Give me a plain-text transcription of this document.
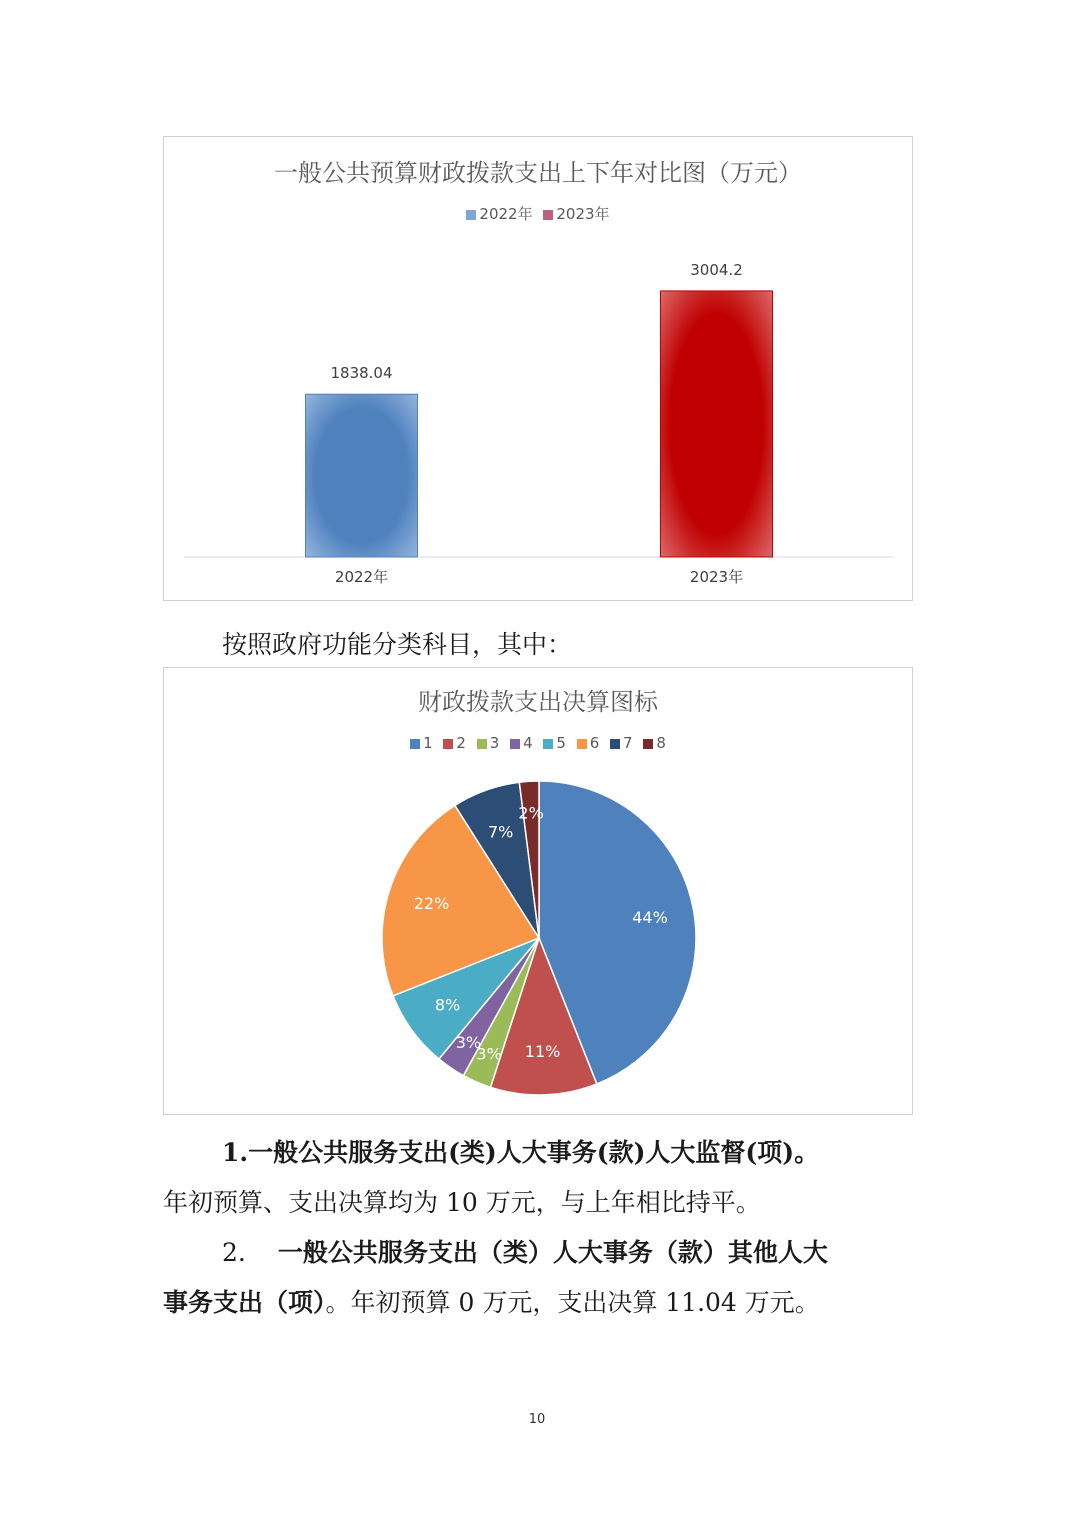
一般公共预算财政拨款支出上下年对比图（万元）
2022年 2023年
1838.04
2022年
3004.2
2023年
按照政府功能分类科目，其中：
财政拨款支出决算图标
1 2 3 4 5 6 7 8
44%
11%
3%
3%
8%
22%
7%
2%
1.一般公共服务支出(类)人大事务(款)人大监督(项)。
年初预算、支出决算均为 10 万元，与上年相比持平。
2. 一般公共服务支出（类）人大事务（款）其他人大
事务支出（项）。年初预算 0 万元，支出决算 11.04 万元。
10
